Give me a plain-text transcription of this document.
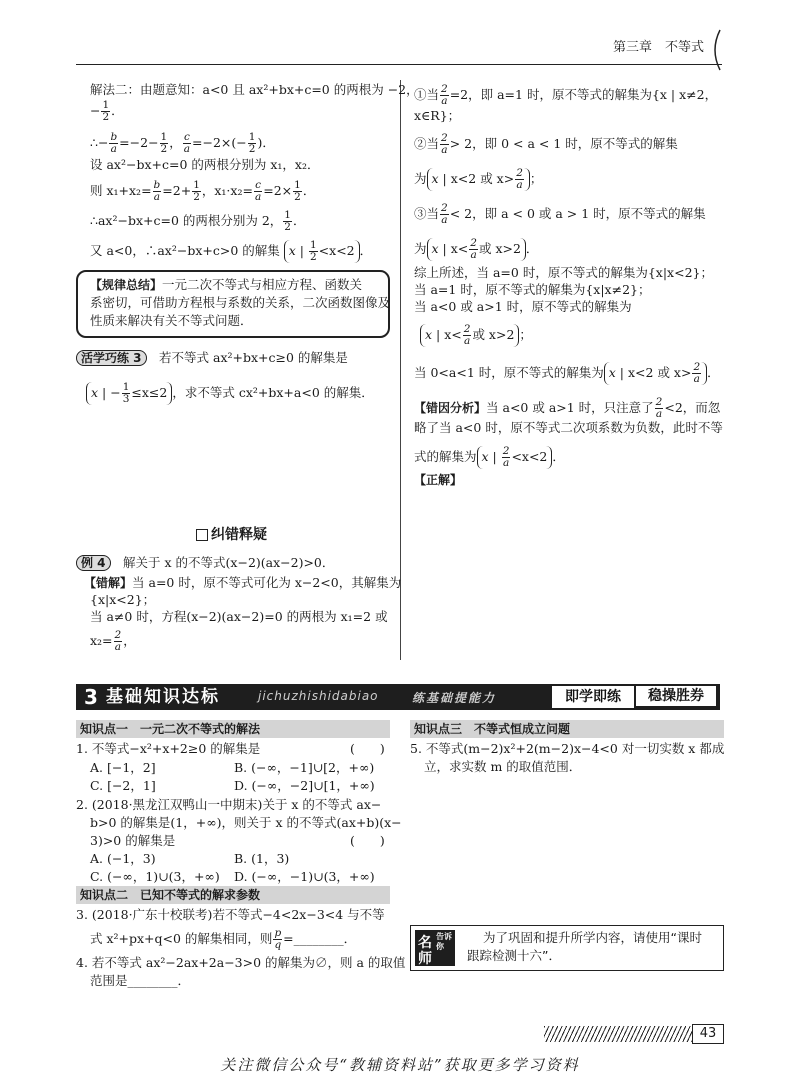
第三章　不等式
解法二：由题意知：a<0 且 ax²+bx+c=0 的两根为 −2，
− $\frac{1}{2}$ ．
∴− $\frac{b}{a} =-2- \frac{1}{2}$ ， $\frac{c}{a} =-2\times(- \frac{1}{2}$ )．
设 ax²−bx+c=0 的两根分别为 x₁，x₂．
则 $x_1+x_2= \frac{b}{a} =2+ \frac{1}{2}$ ，$x_1\cdot x_2= \frac{c}{a} =2\times \frac{1}{2}$ ．
∴ax²−bx+c=0 的两根分别为 2， $\frac{1}{2}$ ．
又 a<0，∴ax²−bx+c>0 的解集 x | $\frac{1}{2} <x<2$ ．
【规律总结】一元二次不等式与相应方程、函数关
系密切，可借助方程根与系数的关系，二次函数图像及
性质来解决有关不等式问题．
活学巧练 3　 若不等式 ax²+bx+c≥0 的解集是
x | − $\frac{1}{3} \le x\le 2$ ，求不等式 cx²+bx+a<0 的解集．
纠错释疑
例 4　 解关于 x 的不等式(x−2)(ax−2)>0．
【错解】当 a=0 时，原不等式可化为 x−2<0，其解集为
{x|x<2}；
当 a≠0 时，方程(x−2)(ax−2)=0 的两根为 x₁=2 或
$x_2= \frac{2}{a}$ ，
①当 $\frac{2}{a} =2$，即 a=1 时，原不等式的解集为{x | x≠2，
x∈R}；
②当 $\frac{2}{a} > 2$，即 0 < a < 1 时，原不等式的解集
为 x | x<2 或 $x> \frac{2}{a}$ ；
③当 $\frac{2}{a} < 2$，即 a < 0 或 a > 1 时，原不等式的解集
为 x | $x< \frac{2}{a}$ 或 x>2 ．
综上所述，当 a=0 时，原不等式的解集为{x|x<2}；
当 a=1 时，原不等式的解集为{x|x≠2}；
当 a<0 或 a>1 时，原不等式的解集为
x | $x< \frac{2}{a}$ 或 x>2 ；
当 0<a<1 时，原不等式的解集为 x | x<2 或 $x> \frac{2}{a}$ ．
【错因分析】当 a<0 或 a>1 时，只注意了 $\frac{2}{a} <2$，而忽
略了当 a<0 时，原不等式二次项系数为负数，此时不等
式的解集为 x | $\frac{2}{a} <x<2$ ．
【正解】
3 基础知识达标	jichuzhishidabiao	练基础提能力	即学即练	稳操胜券
知识点一　一元二次不等式的解法
1. 不等式−x²+x+2≥0 的解集是	(　　)
A. [−1，2]	B. (−∞，−1]∪[2，+∞)
C. [−2，1]	D. (−∞，−2]∪[1，+∞)
2. (2018·黑龙江双鸭山一中期末)关于 x 的不等式 ax−
b>0 的解集是(1，+∞)，则关于 x 的不等式(ax+b)(x−
3)>0 的解集是	(　　)
A. (−1，3)	B. (1，3)
C. (−∞，1)∪(3，+∞) D. (−∞，−1)∪(3，+∞)
知识点二　已知不等式的解求参数
3. (2018·广东十校联考)若不等式−4<2x−3<4 与不等
式 x²+px+q<0 的解集相同，则 $\frac{p}{q}$ =________．
4. 若不等式 ax²−2ax+2a−3>0 的解集为∅，则 a 的取值
范围是________．
知识点三　不等式恒成立问题
5. 不等式(m−2)x²+2(m−2)x−4<0 对一切实数 x 都成
立，求实数 m 的取值范围．
名
师
告诉你
为了巩固和提升所学内容，请使用“课时
跟踪检测十六”．
43
关注微信公众号“教辅资料站”获取更多学习资料
